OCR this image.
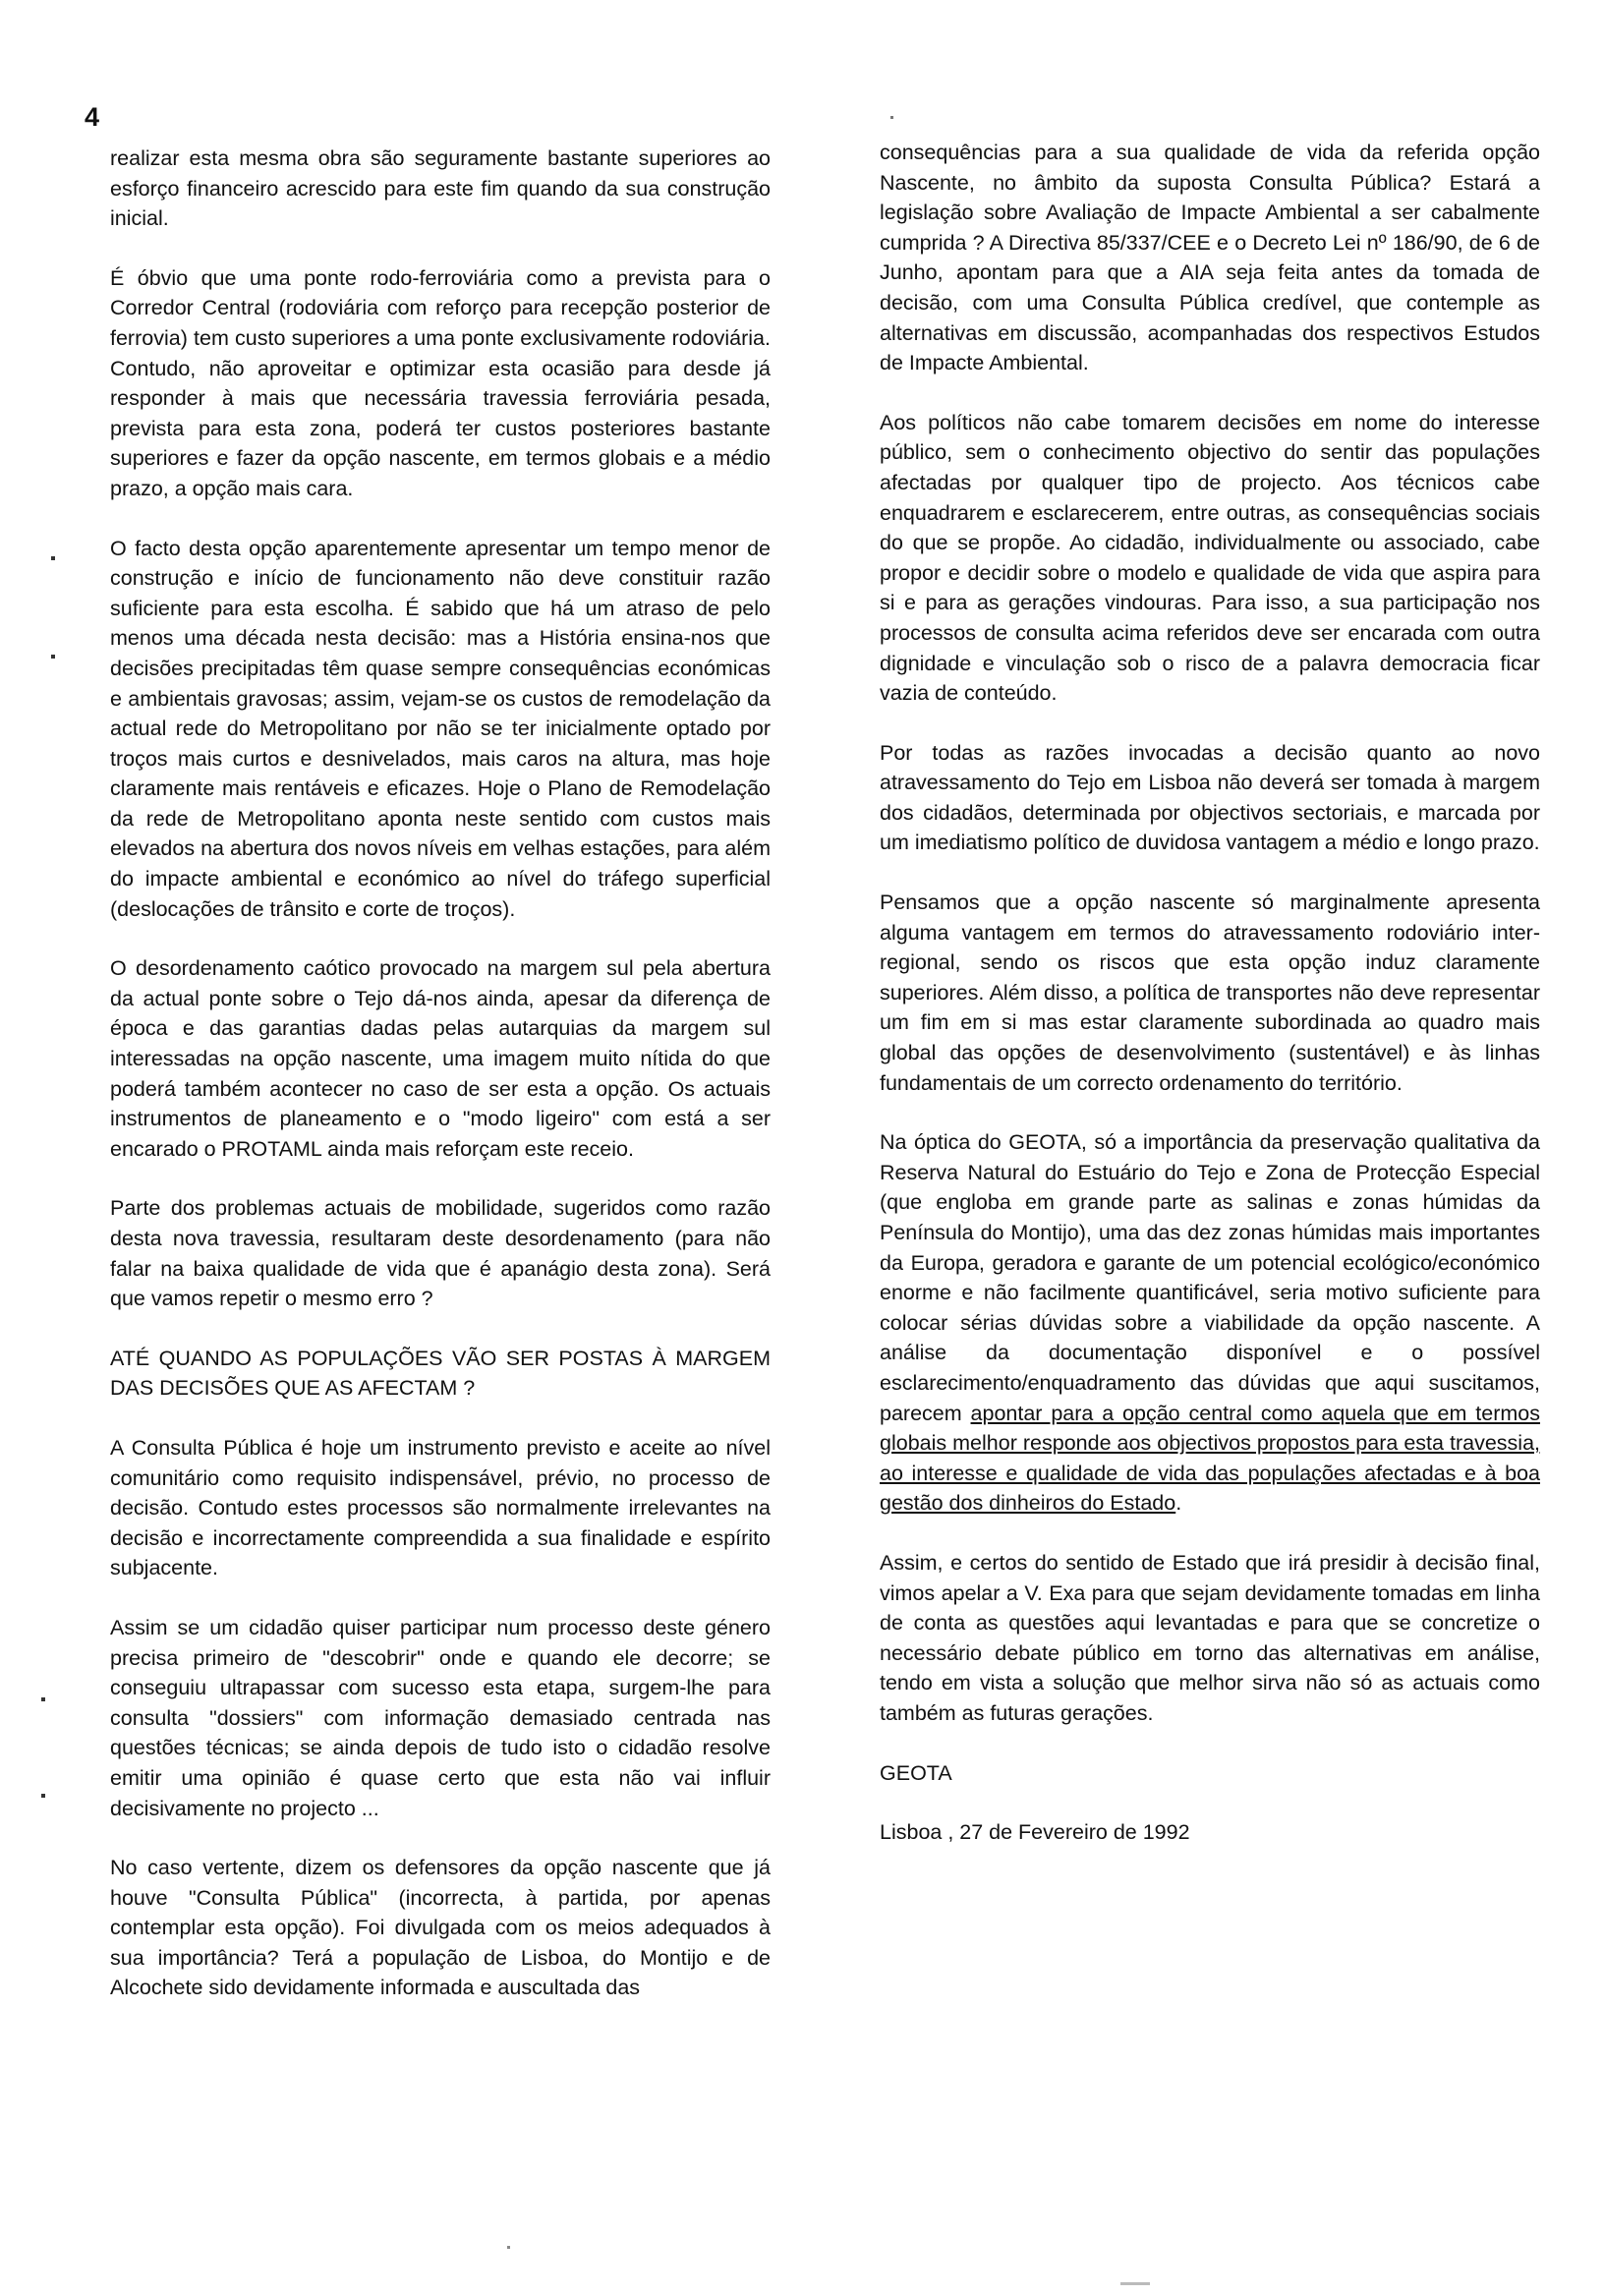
4

realizar esta mesma obra são seguramente bastante superiores ao esforço financeiro acrescido para este fim quando da sua construção inicial.

É óbvio que uma ponte rodo-ferroviária como a prevista para o Corredor Central (rodoviária com reforço para recepção posterior de ferrovia) tem custo superiores a uma ponte exclusivamente rodoviária. Contudo, não aproveitar e optimizar esta ocasião para desde já responder à mais que necessária travessia ferroviária pesada, prevista para esta zona, poderá ter custos posteriores bastante superiores e fazer da opção nascente, em termos globais e a médio prazo, a opção mais cara.

O facto desta opção aparentemente apresentar um tempo menor de construção e início de funcionamento não deve constituir razão suficiente para esta escolha. É sabido que há um atraso de pelo menos uma década nesta decisão: mas a História ensina-nos que decisões precipitadas têm quase sempre consequências económicas e ambientais gravosas; assim, vejam-se os custos de remodelação da actual rede do Metropolitano por não se ter inicialmente optado por troços mais curtos e desnivelados, mais caros na altura, mas hoje claramente mais rentáveis e eficazes. Hoje o Plano de Remodelação da rede de Metropolitano aponta neste sentido com custos mais elevados na abertura dos novos níveis em velhas estações, para além do impacte ambiental e económico ao nível do tráfego superficial (deslocações de trânsito e corte de troços).

O desordenamento caótico provocado na margem sul pela abertura da actual ponte sobre o Tejo dá-nos ainda, apesar da diferença de época e das garantias dadas pelas autarquias da margem sul interessadas na opção nascente, uma imagem muito nítida do que poderá também acontecer no caso de ser esta a opção. Os actuais instrumentos de planeamento e o "modo ligeiro" com está a ser encarado o PROTAML ainda mais reforçam este receio.

Parte dos problemas actuais de mobilidade, sugeridos como razão desta nova travessia, resultaram deste desordenamento (para não falar na baixa qualidade de vida que é apanágio desta zona). Será que vamos repetir o mesmo erro ?

ATÉ QUANDO AS POPULAÇÕES VÃO SER POSTAS À MARGEM DAS DECISÕES QUE AS AFECTAM ?

A Consulta Pública é hoje um instrumento previsto e aceite ao nível comunitário como requisito indispensável, prévio, no processo de decisão. Contudo estes processos são normalmente irrelevantes na decisão e incorrectamente compreendida a sua finalidade e espírito subjacente.

Assim se um cidadão quiser participar num processo deste género precisa primeiro de "descobrir" onde e quando ele decorre; se conseguiu ultrapassar com sucesso esta etapa, surgem-lhe para consulta "dossiers" com informação demasiado centrada nas questões técnicas; se ainda depois de tudo isto o cidadão resolve emitir uma opinião é quase certo que esta não vai influir decisivamente no projecto ...

No caso vertente, dizem os defensores da opção nascente que já houve "Consulta Pública" (incorrecta, à partida, por apenas contemplar esta opção). Foi divulgada com os meios adequados à sua importância? Terá a população de Lisboa, do Montijo e de Alcochete sido devidamente informada e auscultada das

consequências para a sua qualidade de vida da referida opção Nascente, no âmbito da suposta Consulta Pública? Estará a legislação sobre Avaliação de Impacte Ambiental a ser cabalmente cumprida ? A Directiva 85/337/CEE e o Decreto Lei nº 186/90, de 6 de Junho, apontam para que a AIA seja feita antes da tomada de decisão, com uma Consulta Pública credível, que contemple as alternativas em discussão, acompanhadas dos respectivos Estudos de Impacte Ambiental.

Aos políticos não cabe tomarem decisões em nome do interesse público, sem o conhecimento objectivo do sentir das populações afectadas por qualquer tipo de projecto. Aos técnicos cabe enquadrarem e esclarecerem, entre outras, as consequências sociais do que se propõe. Ao cidadão, individualmente ou associado, cabe propor e decidir sobre o modelo e qualidade de vida que aspira para si e para as gerações vindouras. Para isso, a sua participação nos processos de consulta acima referidos deve ser encarada com outra dignidade e vinculação sob o risco de a palavra democracia ficar vazia de conteúdo.

Por todas as razões invocadas a decisão quanto ao novo atravessamento do Tejo em Lisboa não deverá ser tomada à margem dos cidadãos, determinada por objectivos sectoriais, e marcada por um imediatismo político de duvidosa vantagem a médio e longo prazo.

Pensamos que a opção nascente só marginalmente apresenta alguma vantagem em termos do atravessamento rodoviário inter-regional, sendo os riscos que esta opção induz claramente superiores. Além disso, a política de transportes não deve representar um fim em si mas estar claramente subordinada ao quadro mais global das opções de desenvolvimento (sustentável) e às linhas fundamentais de um correcto ordenamento do território.

Na óptica do GEOTA, só a importância da preservação qualitativa da Reserva Natural do Estuário do Tejo e Zona de Protecção Especial (que engloba em grande parte as salinas e zonas húmidas da Península do Montijo), uma das dez zonas húmidas mais importantes da Europa, geradora e garante de um potencial ecológico/económico enorme e não facilmente quantificável, seria motivo suficiente para colocar sérias dúvidas sobre a viabilidade da opção nascente. A análise da documentação disponível e o possível esclarecimento/enquadramento das dúvidas que aqui suscitamos, parecem apontar para a opção central como aquela que em termos globais melhor responde aos objectivos propostos para esta travessia, ao interesse e qualidade de vida das populações afectadas e à boa gestão dos dinheiros do Estado.

Assim, e certos do sentido de Estado que irá presidir à decisão final, vimos apelar a V. Exa para que sejam devidamente tomadas em linha de conta as questões aqui levantadas e para que se concretize o necessário debate público em torno das alternativas em análise, tendo em vista a solução que melhor sirva não só as actuais como também as futuras gerações.

GEOTA

Lisboa , 27 de Fevereiro de 1992
